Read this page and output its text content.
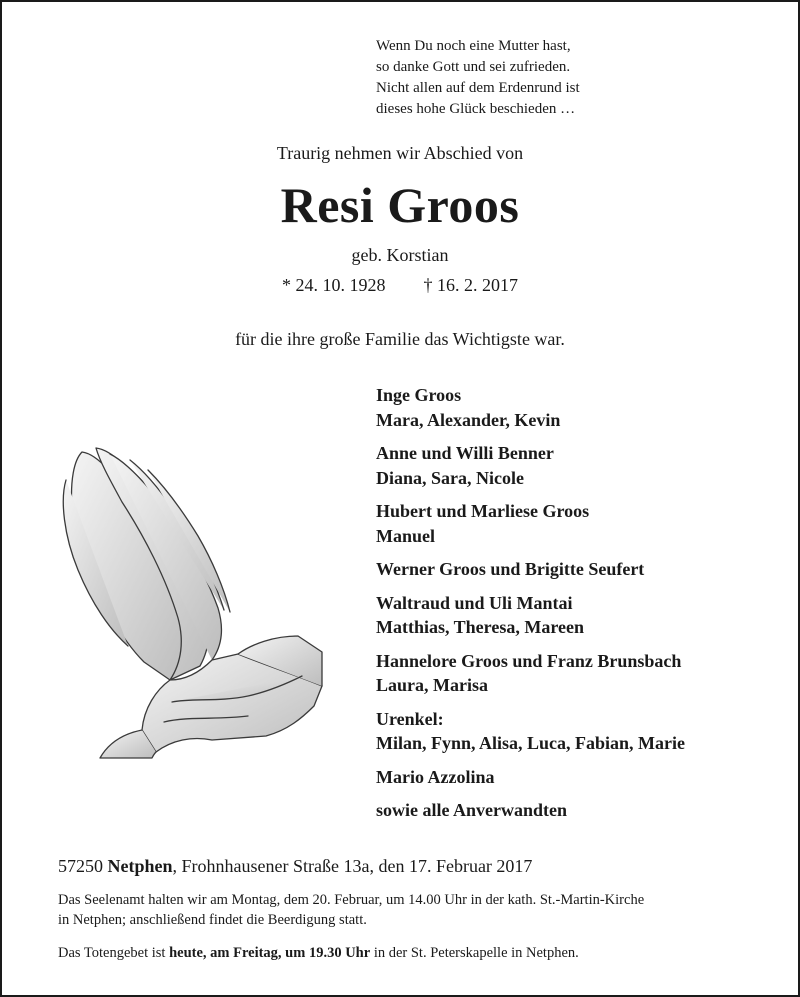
Wenn Du noch eine Mutter hast,
so danke Gott und sei zufrieden.
Nicht allen auf dem Erdenrund ist
dieses hohe Glück beschieden …
Traurig nehmen wir Abschied von
Resi Groos
geb. Korstian
* 24. 10. 1928 † 16. 2. 2017
für die ihre große Familie das Wichtigste war.
Inge Groos
Mara, Alexander, Kevin
Anne und Willi Benner
Diana, Sara, Nicole
Hubert und Marliese Groos
Manuel
Werner Groos und Brigitte Seufert
Waltraud und Uli Mantai
Matthias, Theresa, Mareen
Hannelore Groos und Franz Brunsbach
Laura, Marisa
Urenkel:
Milan, Fynn, Alisa, Luca, Fabian, Marie
Mario Azzolina
sowie alle Anverwandten
57250 Netphen, Frohnhausener Straße 13a, den 17. Februar 2017
Das Seelenamt halten wir am Montag, dem 20. Februar, um 14.00 Uhr in der kath. St.-Martin-Kirche
in Netphen; anschließend findet die Beerdigung statt.
Das Totengebet ist heute, am Freitag, um 19.30 Uhr in der St. Peterskapelle in Netphen.
